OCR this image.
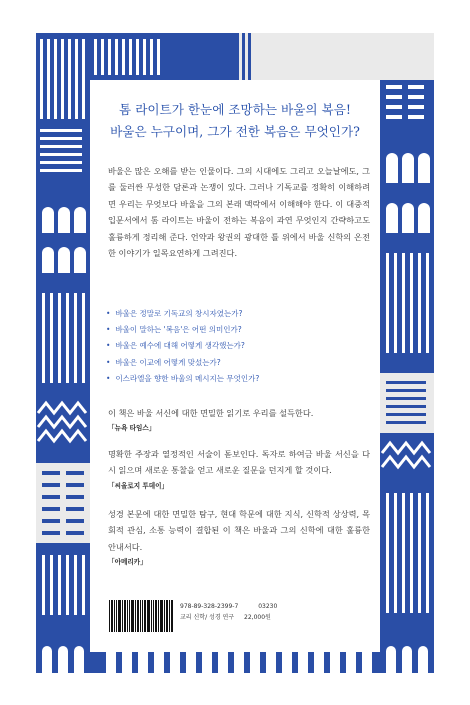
톰 라이트가 한눈에 조망하는 바울의 복음!
바울은 누구이며, 그가 전한 복음은 무엇인가?
바울은 많은 오해를 받는 인물이다. 그의 시대에도 그리고 오늘날에도, 그를 둘러싼 무성한 담론과 논쟁이 있다. 그러나 기독교를 정확히 이해하려면 우리는 무엇보다 바울을 그의 본래 맥락에서 이해해야 한다. 이 대중적 입문서에서 톰 라이트는 바울이 전하는 복음이 과연 무엇인지 간략하고도 훌륭하게 정리해 준다. 언약과 왕권의 광대한 틀 위에서 바울 신학의 온전한 이야기가 일목요연하게 그려진다.
• 바울은 정말로 기독교의 창시자였는가?
• 바울이 말하는 '복음'은 어떤 의미인가?
• 바울은 예수에 대해 어떻게 생각했는가?
• 바울은 이교에 어떻게 맞섰는가?
• 이스라엘을 향한 바울의 메시지는 무엇인가?
이 책은 바울 서신에 대한 면밀한 읽기로 우리를 설득한다.
「뉴욕 타임스」
명확한 주장과 열정적인 서술이 돋보인다. 독자로 하여금 바울 서신을 다시 읽으며 새로운 통찰을 얻고 새로운 질문을 던지게 할 것이다.
「씨올로지 투데이」
성경 본문에 대한 면밀한 탐구, 현대 학문에 대한 지식, 신학적 상상력, 목회적 관심, 소통 능력이 결합된 이 책은 바울과 그의 신학에 대한 훌륭한 안내서다.
「아메리카」
978-89-328-2399-7	03230
교리 신학/ 성경 연구 22,000원
